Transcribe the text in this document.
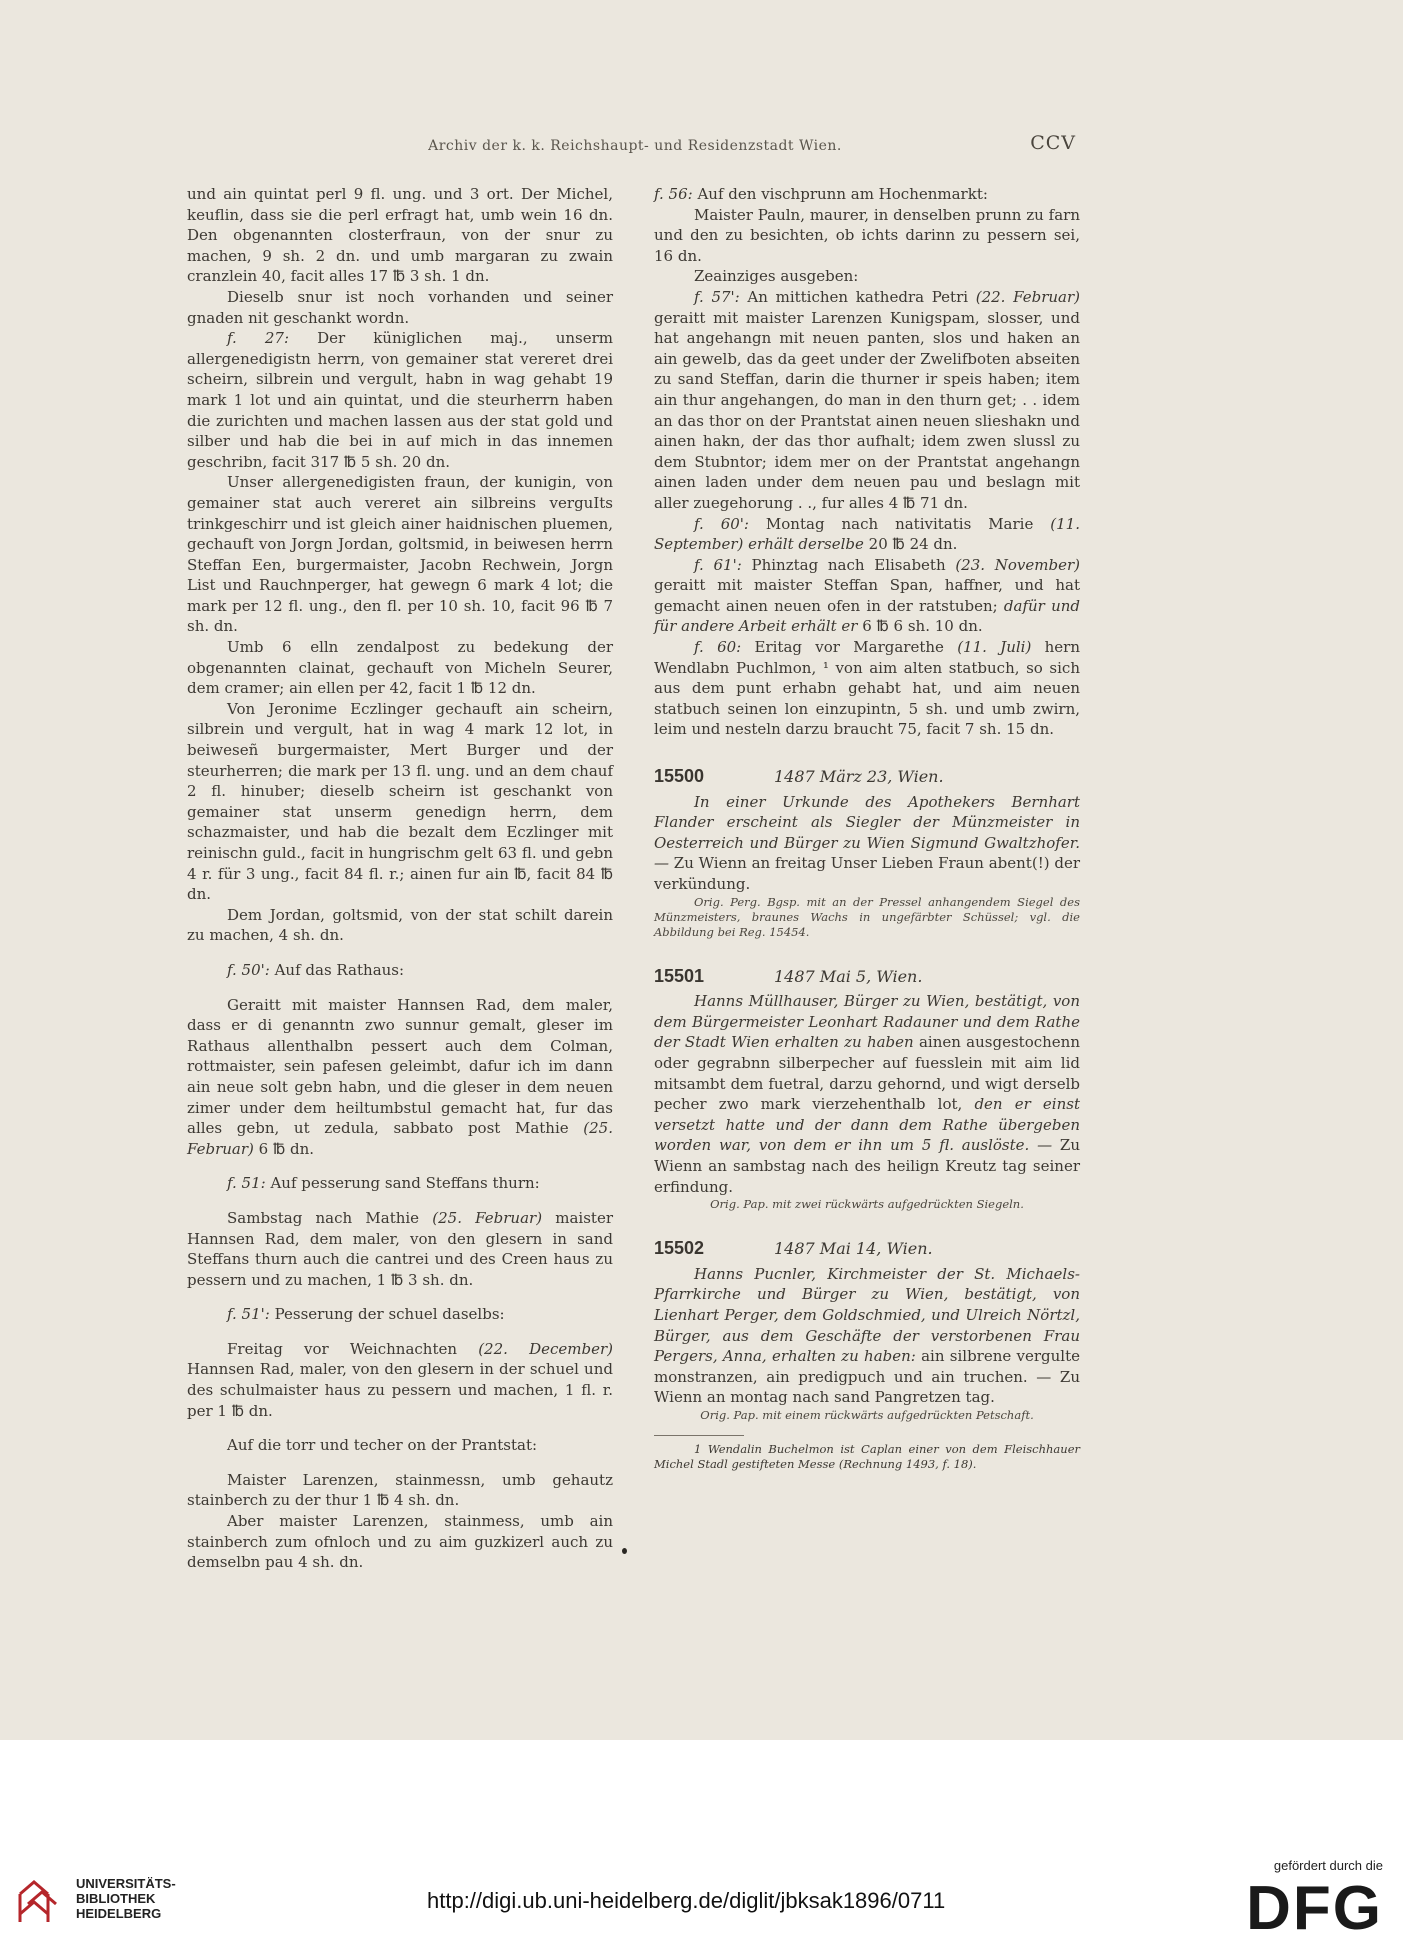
Archiv der k. k. Reichshaupt- und Residenzstadt Wien.	CCV

und ain quintat perl 9 fl. ung. und 3 ort. Der Michel, keuflin, dass sie die perl erfragt hat, umb wein 16 dn. Den obgenannten closterfraun, von der snur zu machen, 9 sh. 2 dn. und umb margaran zu zwain cranzlein 40, facit alles 17 ℔ 3 sh. 1 dn.

Dieselb snur ist noch vorhanden und seiner gnaden nit geschankt wordn.

f. 27: Der küniglichen maj., unserm allergenedigistn herrn, von gemainer stat vereret drei scheirn, silbrein und vergult, habn in wag gehabt 19 mark 1 lot und ain quintat, und die steurherrn haben die zurichten und machen lassen aus der stat gold und silber und hab die bei in auf mich in das innemen geschribn, facit 317 ℔ 5 sh. 20 dn.

Unser allergenedigisten fraun, der kunigin, von gemainer stat auch vereret ain silbreins verguIts trinkgeschirr und ist gleich ainer haidnischen pluemen, gechauft von Jorgn Jordan, goltsmid, in beiwesen herrn Steffan Een, burgermaister, Jacobn Rechwein, Jorgn List und Rauchnperger, hat gewegn 6 mark 4 lot; die mark per 12 fl. ung., den fl. per 10 sh. 10, facit 96 ℔ 7 sh. dn.

Umb 6 elln zendalpost zu bedekung der obgenannten clainat, gechauft von Micheln Seurer, dem cramer; ain ellen per 42, facit 1 ℔ 12 dn.

Von Jeronime Eczlinger gechauft ain scheirn, silbrein und vergult, hat in wag 4 mark 12 lot, in beiweseñ burgermaister, Mert Burger und der steurherren; die mark per 13 fl. ung. und an dem chauf 2 fl. hinuber; dieselb scheirn ist geschankt von gemainer stat unserm genedign herrn, dem schazmaister, und hab die bezalt dem Eczlinger mit reinischn guld., facit in hungrischm gelt 63 fl. und gebn 4 r. für 3 ung., facit 84 fl. r.; ainen fur ain ℔, facit 84 ℔ dn.

Dem Jordan, goltsmid, von der stat schilt darein zu machen, 4 sh. dn.

f. 50': Auf das Rathaus:

Geraitt mit maister Hannsen Rad, dem maler, dass er di genanntn zwo sunnur gemalt, gleser im Rathaus allenthalbn pessert auch dem Colman, rottmaister, sein pafesen geleimbt, dafur ich im dann ain neue solt gebn habn, und die gleser in dem neuen zimer under dem heiltumbstul gemacht hat, fur das alles gebn, ut zedula, sabbato post Mathie (25. Februar) 6 ℔ dn.

f. 51: Auf pesserung sand Steffans thurn:

Sambstag nach Mathie (25. Februar) maister Hannsen Rad, dem maler, von den glesern in sand Steffans thurn auch die cantrei und des Creen haus zu pessern und zu machen, 1 ℔ 3 sh. dn.

f. 51': Pesserung der schuel daselbs:

Freitag vor Weichnachten (22. December) Hannsen Rad, maler, von den glesern in der schuel und des schulmaister haus zu pessern und machen, 1 fl. r. per 1 ℔ dn.

Auf die torr und techer on der Prantstat:

Maister Larenzen, stainmessn, umb gehautz stainberch zu der thur 1 ℔ 4 sh. dn.

Aber maister Larenzen, stainmess, umb ain stainberch zum ofnloch und zu aim guzkizerl auch zu demselbn pau 4 sh. dn.

f. 56: Auf den vischprunn am Hochenmarkt:

Maister Pauln, maurer, in denselben prunn zu farn und den zu besichten, ob ichts darinn zu pessern sei, 16 dn.

Zeainziges ausgeben:

f. 57': An mittichen kathedra Petri (22. Februar) geraitt mit maister Larenzen Kunigspam, slosser, und hat angehangn mit neuen panten, slos und haken an ain gewelb, das da geet under der Zwelifboten abseiten zu sand Steffan, darin die thurner ir speis haben; item ain thur angehangen, do man in den thurn get; . . idem an das thor on der Prantstat ainen neuen slieshakn und ainen hakn, der das thor aufhalt; idem zwen slussl zu dem Stubntor; idem mer on der Prantstat angehangn ainen laden under dem neuen pau und beslagn mit aller zuegehorung . ., fur alles 4 ℔ 71 dn.

f. 60': Montag nach nativitatis Marie (11. September) erhält derselbe 20 ℔ 24 dn.

f. 61': Phinztag nach Elisabeth (23. November) geraitt mit maister Steffan Span, haffner, und hat gemacht ainen neuen ofen in der ratstuben; dafür und für andere Arbeit erhält er 6 ℔ 6 sh. 10 dn.

f. 60: Eritag vor Margarethe (11. Juli) hern Wendlabn Puchlmon, ¹ von aim alten statbuch, so sich aus dem punt erhabn gehabt hat, und aim neuen statbuch seinen lon einzupintn, 5 sh. und umb zwirn, leim und nesteln darzu braucht 75, facit 7 sh. 15 dn.

15500	1487 März 23, Wien.

In einer Urkunde des Apothekers Bernhart Flander erscheint als Siegler der Münzmeister in Oesterreich und Bürger zu Wien Sigmund Gwaltzhofer. — Zu Wienn an freitag Unser Lieben Fraun abent(!) der verkündung.

Orig. Perg. Bgsp. mit an der Pressel anhangendem Siegel des Münzmeisters, braunes Wachs in ungefärbter Schüssel; vgl. die Abbildung bei Reg. 15454.

15501	1487 Mai 5, Wien.

Hanns Müllhauser, Bürger zu Wien, bestätigt, von dem Bürgermeister Leonhart Radauner und dem Rathe der Stadt Wien erhalten zu haben ainen ausgestochenn oder gegrabnn silberpecher auf fuesslein mit aim lid mitsambt dem fuetral, darzu gehornd, und wigt derselb pecher zwo mark vierzehenthalb lot, den er einst versetzt hatte und der dann dem Rathe übergeben worden war, von dem er ihn um 5 fl. auslöste. — Zu Wienn an sambstag nach des heilign Kreutz tag seiner erfindung.

Orig. Pap. mit zwei rückwärts aufgedrückten Siegeln.

15502	1487 Mai 14, Wien.

Hanns Pucnler, Kirchmeister der St. Michaels-Pfarrkirche und Bürger zu Wien, bestätigt, von Lienhart Perger, dem Goldschmied, und Ulreich Nörtzl, Bürger, aus dem Geschäfte der verstorbenen Frau Pergers, Anna, erhalten zu haben: ain silbrene vergulte monstranzen, ain predigpuch und ain truchen. — Zu Wienn an montag nach sand Pangretzen tag.

Orig. Pap. mit einem rückwärts aufgedrückten Petschaft.

1 Wendalin Buchelmon ist Caplan einer von dem Fleischhauer Michel Stadl gestifteten Messe (Rechnung 1493, f. 18).

UNIVERSITÄTS-
BIBLIOTHEK
HEIDELBERG
http://digi.ub.uni-heidelberg.de/diglit/jbksak1896/0711
gefördert durch die
DFG
